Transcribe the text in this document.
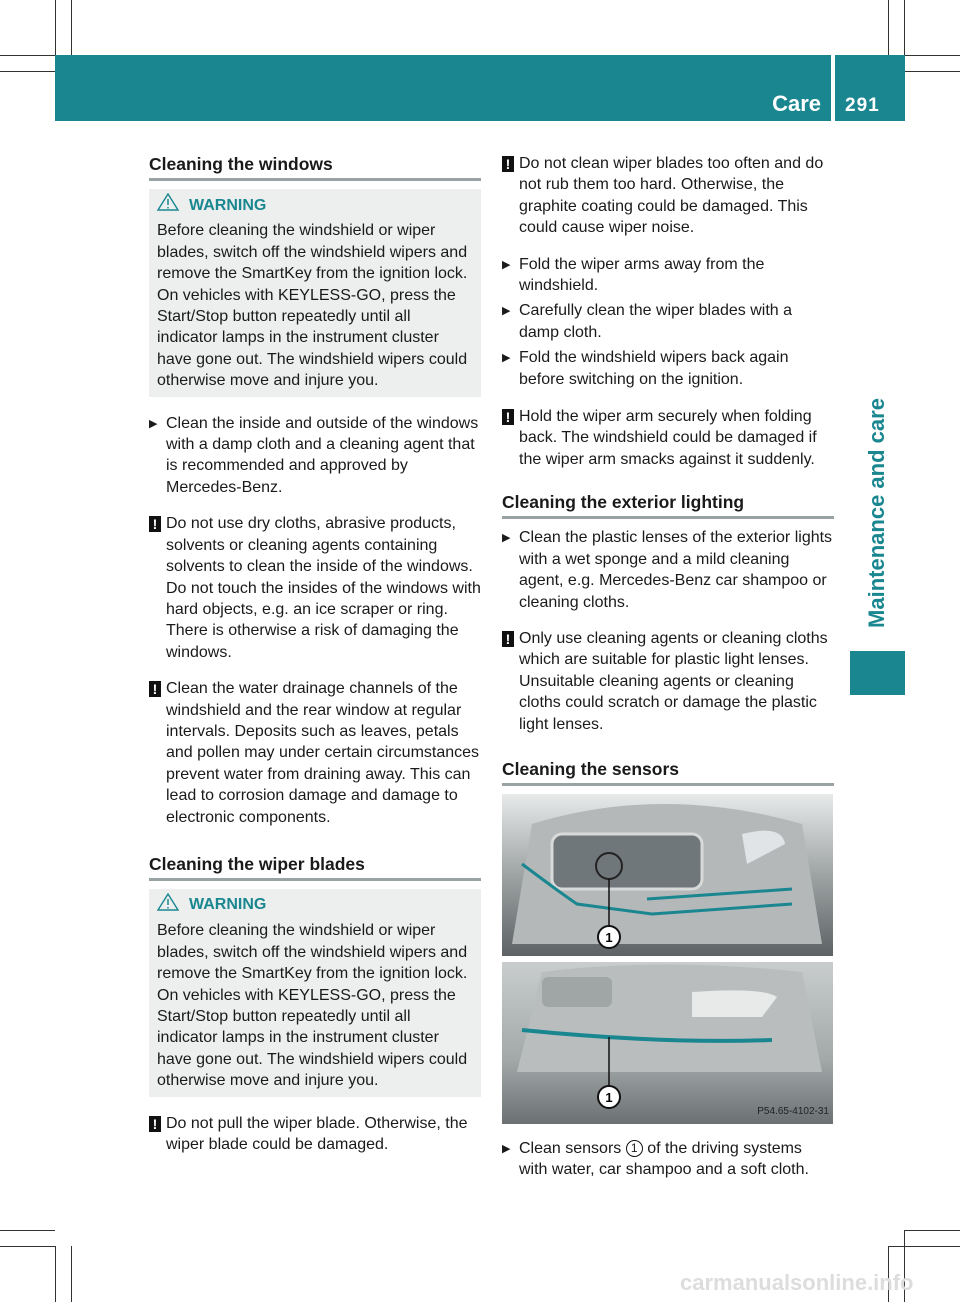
Care 291
Maintenance and care
Cleaning the windows
WARNING
Before cleaning the windshield or wiper blades, switch off the windshield wipers and remove the SmartKey from the ignition lock. On vehicles with KEYLESS-GO, press the Start/Stop button repeatedly until all indicator lamps in the instrument cluster have gone out. The windshield wipers could otherwise move and injure you.
▶ Clean the inside and outside of the windows with a damp cloth and a cleaning agent that is recommended and approved by Mercedes-Benz.
! Do not use dry cloths, abrasive products, solvents or cleaning agents containing solvents to clean the inside of the windows. Do not touch the insides of the windows with hard objects, e.g. an ice scraper or ring. There is otherwise a risk of damaging the windows.
! Clean the water drainage channels of the windshield and the rear window at regular intervals. Deposits such as leaves, petals and pollen may under certain circumstances prevent water from draining away. This can lead to corrosion damage and damage to electronic components.
Cleaning the wiper blades
WARNING
Before cleaning the windshield or wiper blades, switch off the windshield wipers and remove the SmartKey from the ignition lock. On vehicles with KEYLESS-GO, press the Start/Stop button repeatedly until all indicator lamps in the instrument cluster have gone out. The windshield wipers could otherwise move and injure you.
! Do not pull the wiper blade. Otherwise, the wiper blade could be damaged.
! Do not clean wiper blades too often and do not rub them too hard. Otherwise, the graphite coating could be damaged. This could cause wiper noise.
▶ Fold the wiper arms away from the windshield.
▶ Carefully clean the wiper blades with a damp cloth.
▶ Fold the windshield wipers back again before switching on the ignition.
! Hold the wiper arm securely when folding back. The windshield could be damaged if the wiper arm smacks against it suddenly.
Cleaning the exterior lighting
▶ Clean the plastic lenses of the exterior lights with a wet sponge and a mild cleaning agent, e.g. Mercedes-Benz car shampoo or cleaning cloths.
! Only use cleaning agents or cleaning cloths which are suitable for plastic light lenses. Unsuitable cleaning agents or cleaning cloths could scratch or damage the plastic light lenses.
Cleaning the sensors
1
1
P54.65-4102-31
▶ Clean sensors 1 of the driving systems with water, car shampoo and a soft cloth.
carmanualsonline.info
